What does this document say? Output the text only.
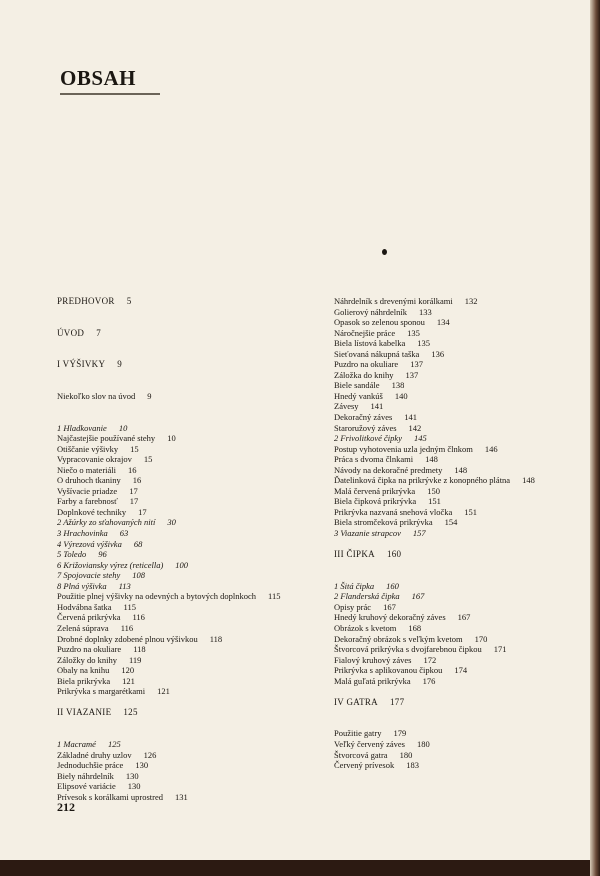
OBSAH
PREDHOVOR 5
ÚVOD 7
I VÝŠIVKY 9
Niekoľko slov na úvod 9
1 Hladkovanie 10
Najčastejšie používané stehy 10
Otiščanie výšivky 15
Vypracovanie okrajov 15
Niečo o materiáli 16
O druhoch tkaniny 16
Vyšívacie priadze 17
Farby a farebnosť 17
Doplnkové techniky 17
2 Ažúrky zo sťahovaných nití 30
3 Hrachovinka 63
4 Výrezová výšivka 68
5 Toledo 96
6 Križoviansky výrez (reticella) 100
7 Spojovacie stehy 108
8 Plná výšivka 113
Použitie plnej výšivky na odevných a bytových doplnkoch 115
Hodvábna šatka 115
Červená prikrývka 116
Zelená súprava 116
Drobné doplnky zdobené plnou výšivkou 118
Puzdro na okuliare 118
Záložky do knihy 119
Obaly na knihu 120
Biela prikrývka 121
Prikrývka s margarétkami 121
II VIAZANIE 125
1 Macramé 125
Základné druhy uzlov 126
Jednoduchšie práce 130
Biely náhrdelník 130
Elipsové variácie 130
Prívesok s korálkami uprostred 131
Náhrdelník s drevenými korálkami 132
Golierový náhrdelník 133
Opasok so zelenou sponou 134
Náročnejšie práce 135
Biela lístová kabelka 135
Sieťovaná nákupná taška 136
Puzdro na okuliare 137
Záložka do knihy 137
Biele sandále 138
Hnedý vankúš 140
Závesy 141
Dekoračný záves 141
Staroružový záves 142
2 Frivolitkové čipky 145
Postup vyhotovenia uzla jedným člnkom 146
Práca s dvoma člnkami 148
Návody na dekoračné predmety 148
Ďatelinková čipka na prikrývke z konopného plátna 148
Malá červená prikrývka 150
Biela čipková prikrývka 151
Prikrývka nazvaná snehová vločka 151
Biela stromčeková prikrývka 154
3 Viazanie strapcov 157
III ČIPKA 160
1 Šitá čipka 160
2 Flanderská čipka 167
Opisy prác 167
Hnedý kruhový dekoračný záves 167
Obrázok s kvetom 168
Dekoračný obrázok s veľkým kvetom 170
Štvorcová prikrývka s dvojfarebnou čipkou 171
Fialový kruhový záves 172
Prikrývka s aplikovanou čipkou 174
Malá guľatá prikrývka 176
IV GATRA 177
Použitie gatry 179
Veľký červený záves 180
Štvorcová gatra 180
Červený prívesok 183
212
